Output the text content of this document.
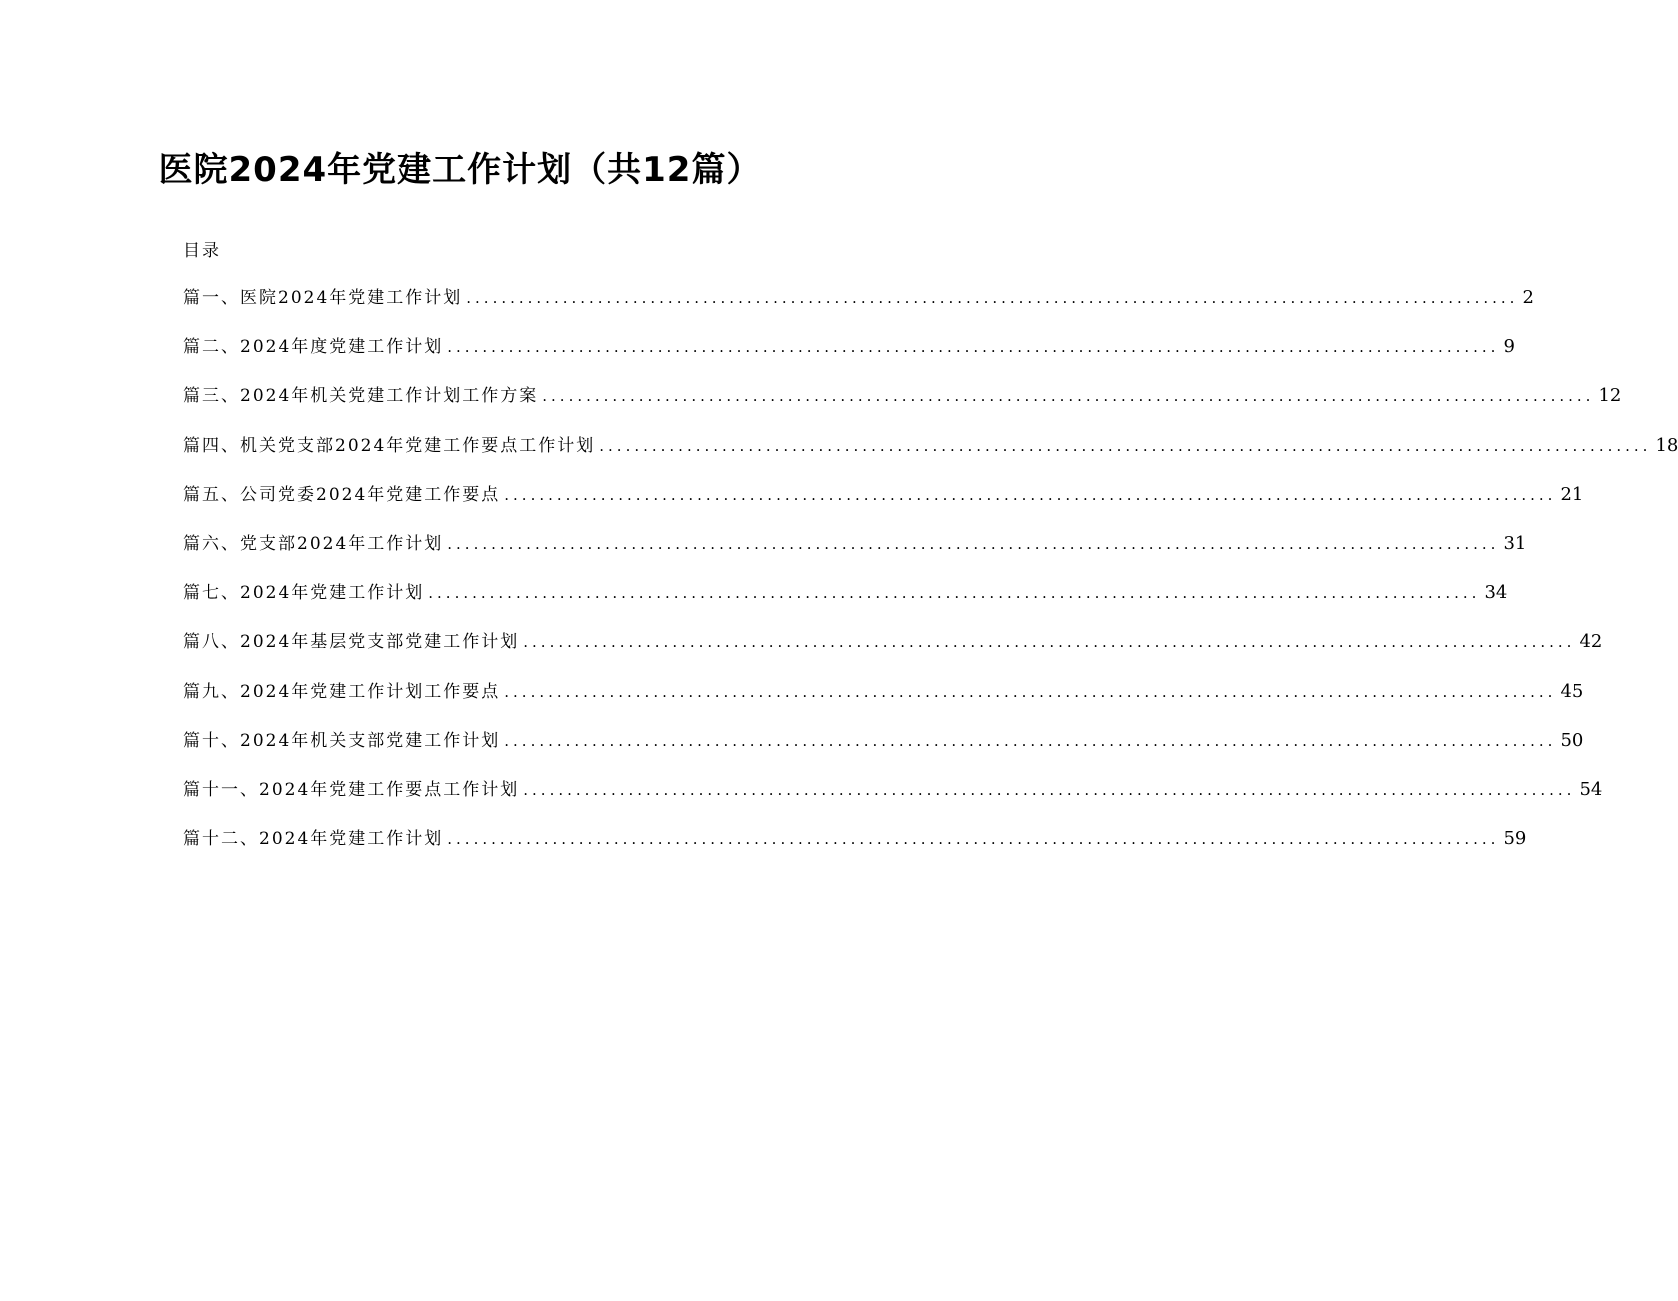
医院2024年党建工作计划（共12篇）
目录
篇一、医院2024年党建工作计划 ........................................................................................................................ 2
篇二、2024年度党建工作计划 ........................................................................................................................ 9
篇三、2024年机关党建工作计划工作方案 ........................................................................................................................ 12
篇四、机关党支部2024年党建工作要点工作计划 ........................................................................................................................ 18
篇五、公司党委2024年党建工作要点 ........................................................................................................................ 21
篇六、党支部2024年工作计划 ........................................................................................................................ 31
篇七、2024年党建工作计划 ........................................................................................................................ 34
篇八、2024年基层党支部党建工作计划 ........................................................................................................................ 42
篇九、2024年党建工作计划工作要点 ........................................................................................................................ 45
篇十、2024年机关支部党建工作计划 ........................................................................................................................ 50
篇十一、2024年党建工作要点工作计划 ........................................................................................................................ 54
篇十二、2024年党建工作计划 ........................................................................................................................ 59
